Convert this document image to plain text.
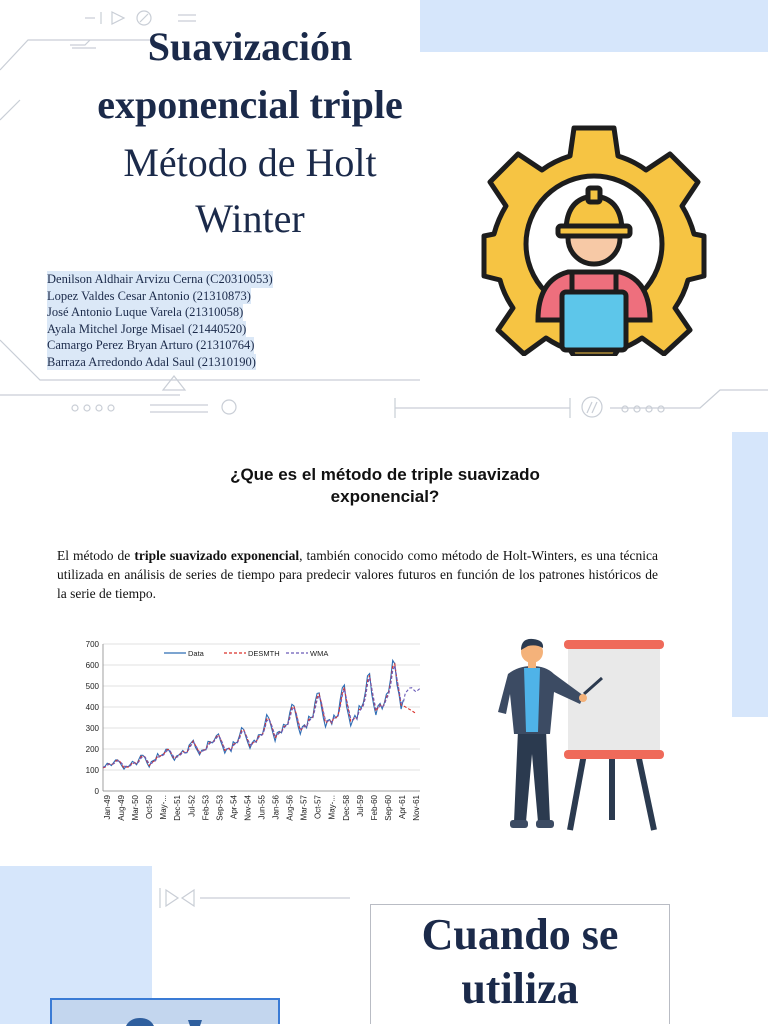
Suavización
exponencial triple
Método de Holt
Winter
Denilson Aldhair Arvizu Cerna (C20310053)
Lopez Valdes Cesar Antonio (21310873)
José Antonio Luque Varela (21310058)
Ayala Mitchel Jorge Misael (21440520)
Camargo Perez Bryan Arturo (21310764)
Barraza Arredondo Adal Saul (21310190)
¿Que es el método de triple suavizado
exponencial?
El método de triple suavizado exponencial, también conocido como método de Holt-Winters, es una técnica utilizada en análisis de series de tiempo para predecir valores futuros en función de los patrones históricos de la serie de tiempo.
0
100
200
300
400
500
600
700
Jan-49 Aug-49 Mar-50 Oct-50 May-... Dec-51 Jul-52 Feb-53 Sep-53 Apr-54 Nov-54 Jun-55 Jan-56 Aug-56 Mar-57 Oct-57 May-... Dec-58 Jul-59 Feb-60 Sep-60 Apr-61 Nov-61
Data	DESMTH	WMA
Cuando se
utiliza
